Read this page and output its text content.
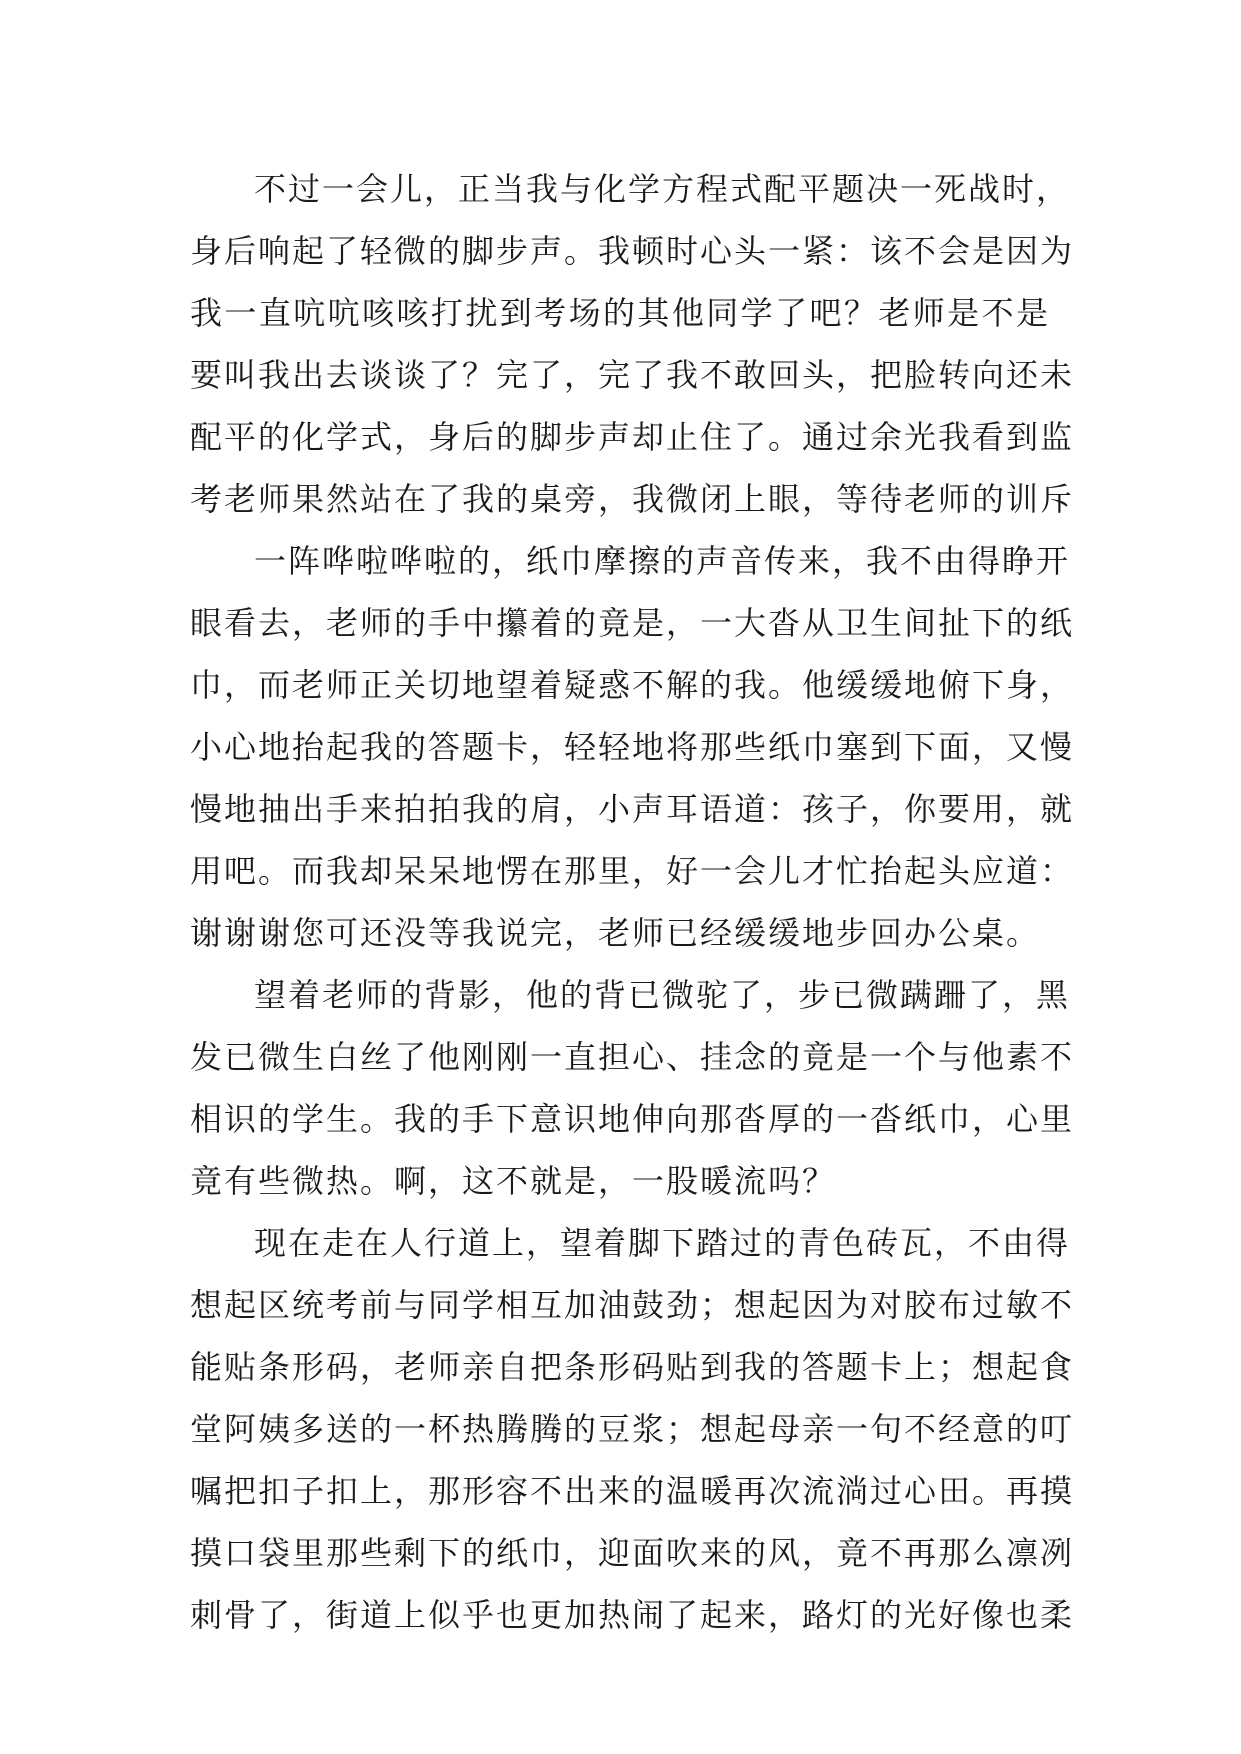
不过一会儿，正当我与化学方程式配平题决一死战时，
身后响起了轻微的脚步声。我顿时心头一紧：该不会是因为
我一直吭吭咳咳打扰到考场的其他同学了吧？老师是不是
要叫我出去谈谈了？完了，完了我不敢回头，把脸转向还未
配平的化学式，身后的脚步声却止住了。通过余光我看到监
考老师果然站在了我的桌旁，我微闭上眼，等待老师的训斥
一阵哗啦哗啦的，纸巾摩擦的声音传来，我不由得睁开
眼看去，老师的手中攥着的竟是，一大沓从卫生间扯下的纸
巾，而老师正关切地望着疑惑不解的我。他缓缓地俯下身，
小心地抬起我的答题卡，轻轻地将那些纸巾塞到下面，又慢
慢地抽出手来拍拍我的肩，小声耳语道：孩子，你要用，就
用吧。而我却呆呆地愣在那里，好一会儿才忙抬起头应道：
谢谢谢您可还没等我说完，老师已经缓缓地步回办公桌。
望着老师的背影，他的背已微驼了，步已微蹒跚了，黑
发已微生白丝了他刚刚一直担心、挂念的竟是一个与他素不
相识的学生。我的手下意识地伸向那沓厚的一沓纸巾，心里
竟有些微热。啊，这不就是，一股暖流吗？
现在走在人行道上，望着脚下踏过的青色砖瓦，不由得
想起区统考前与同学相互加油鼓劲；想起因为对胶布过敏不
能贴条形码，老师亲自把条形码贴到我的答题卡上；想起食
堂阿姨多送的一杯热腾腾的豆浆；想起母亲一句不经意的叮
嘱把扣子扣上，那形容不出来的温暖再次流淌过心田。再摸
摸口袋里那些剩下的纸巾，迎面吹来的风，竟不再那么凛冽
刺骨了，街道上似乎也更加热闹了起来，路灯的光好像也柔
